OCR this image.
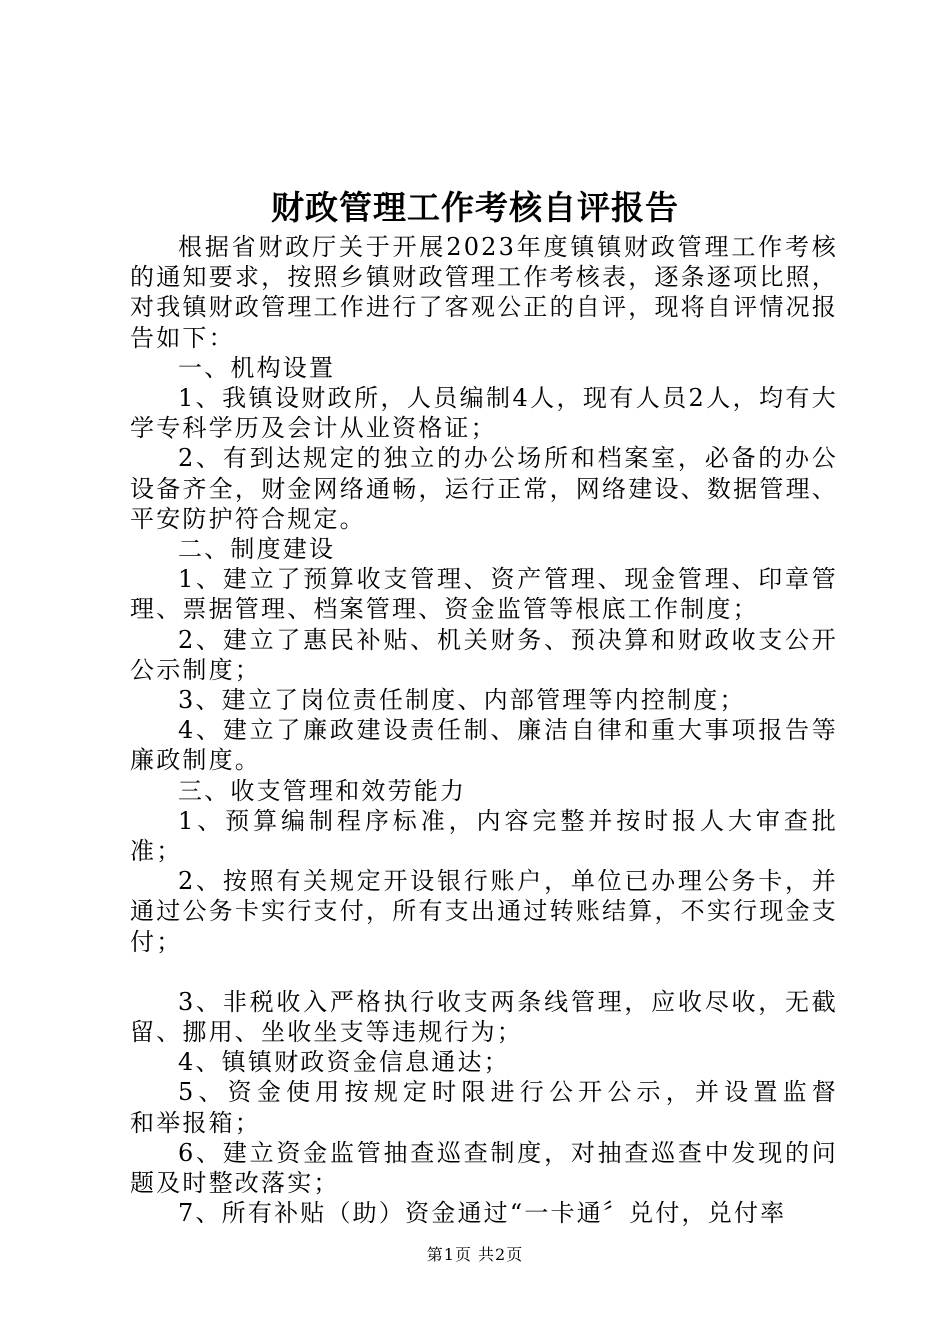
财政管理工作考核自评报告

根据省财政厅关于开展2023年度镇镇财政管理工作考核的通知要求，按照乡镇财政管理工作考核表，逐条逐项比照，对我镇财政管理工作进行了客观公正的自评，现将自评情况报告如下：

一、机构设置

1、我镇设财政所，人员编制4人，现有人员2人，均有大学专科学历及会计从业资格证；

2、有到达规定的独立的办公场所和档案室，必备的办公设备齐全，财金网络通畅，运行正常，网络建设、数据管理、平安防护符合规定。

二、制度建设

1、建立了预算收支管理、资产管理、现金管理、印章管理、票据管理、档案管理、资金监管等根底工作制度；

2、建立了惠民补贴、机关财务、预决算和财政收支公开公示制度；

3、建立了岗位责任制度、内部管理等内控制度；

4、建立了廉政建设责任制、廉洁自律和重大事项报告等廉政制度。

三、收支管理和效劳能力

1、预算编制程序标准，内容完整并按时报人大审查批准；

2、按照有关规定开设银行账户，单位已办理公务卡，并通过公务卡实行支付，所有支出通过转账结算，不实行现金支付；

3、非税收入严格执行收支两条线管理，应收尽收，无截留、挪用、坐收坐支等违规行为；

4、镇镇财政资金信息通达；

5、资金使用按规定时限进行公开公示，并设置监督　　和举报箱；

6、建立资金监管抽查巡查制度，对抽查巡查中发现的问题及时整改落实；

7、所有补贴（助）资金通过“一卡通〞兑付，兑付率

第1页 共2页
